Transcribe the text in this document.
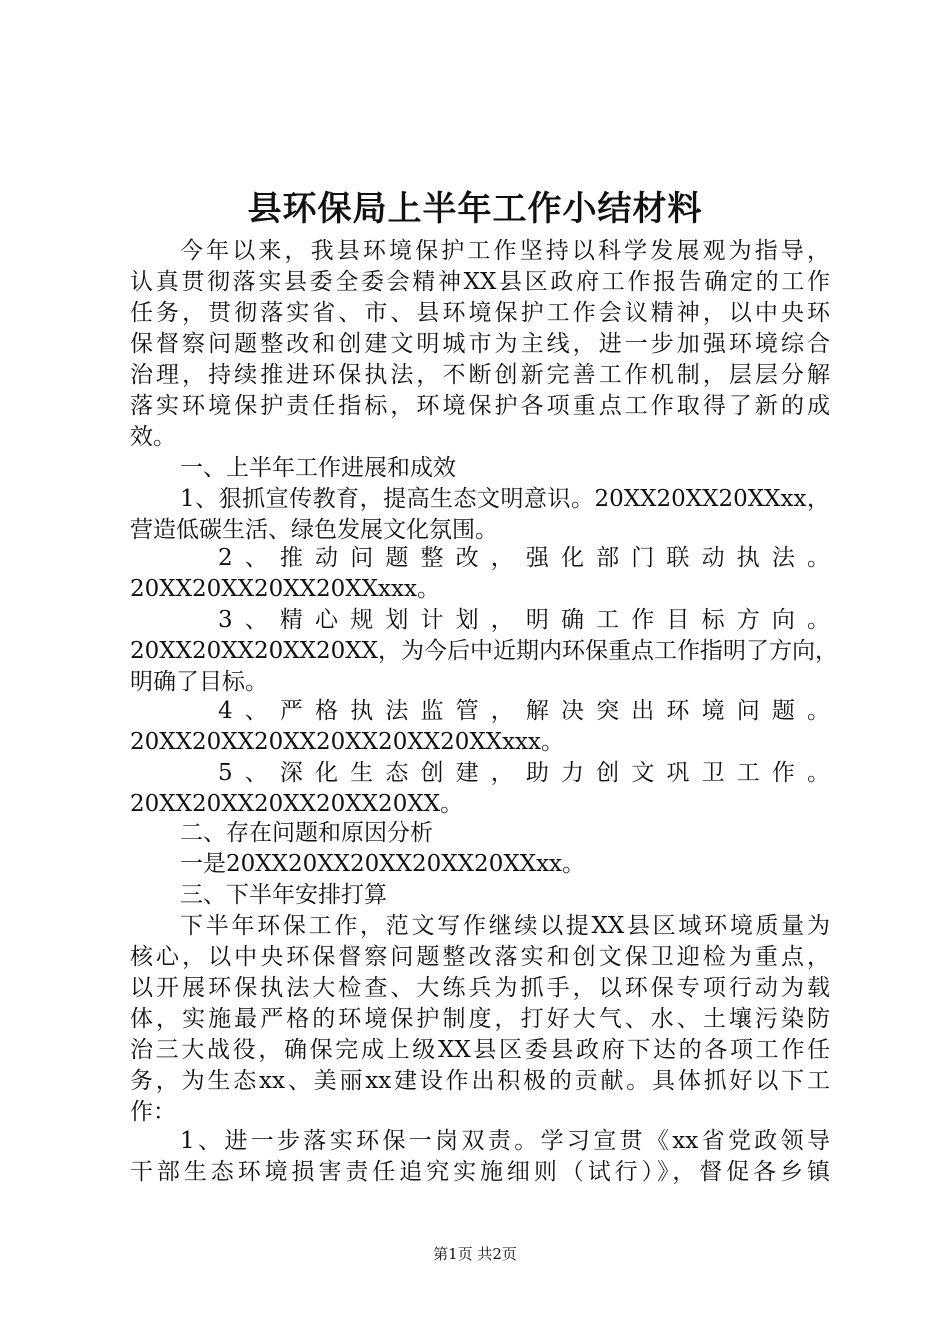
县环保局上半年工作小结材料
今年以来，我县环境保护工作坚持以科学发展观为指导，
认真贯彻落实县委全委会精神XX县区政府工作报告确定的工作
任务，贯彻落实省、市、县环境保护工作会议精神，以中央环
保督察问题整改和创建文明城市为主线，进一步加强环境综合
治理，持续推进环保执法，不断创新完善工作机制，层层分解
落实环境保护责任指标，环境保护各项重点工作取得了新的成
效。
一、上半年工作进展和成效
1、狠抓宣传教育，提高生态文明意识。20XX20XX20XXxx，
营造低碳生活、绿色发展文化氛围。
2、推动问题整改，强化部门联动执法。
20XX20XX20XX20XXxxx。
3、精心规划计划，明确工作目标方向。
20XX20XX20XX20XX，为今后中近期内环保重点工作指明了方向，
明确了目标。
4、严格执法监管，解决突出环境问题。
20XX20XX20XX20XX20XX20XXxxx。
5、深化生态创建，助力创文巩卫工作。
20XX20XX20XX20XX20XX。
二、存在问题和原因分析
一是20XX20XX20XX20XX20XXxx。
三、下半年安排打算
下半年环保工作，范文写作继续以提XX县区域环境质量为
核心，以中央环保督察问题整改落实和创文保卫迎检为重点，
以开展环保执法大检查、大练兵为抓手，以环保专项行动为载
体，实施最严格的环境保护制度，打好大气、水、土壤污染防
治三大战役，确保完成上级XX县区委县政府下达的各项工作任
务，为生态xx、美丽xx建设作出积极的贡献。具体抓好以下工
作：
1、进一步落实环保一岗双责。学习宣贯《xx省党政领导
干部生态环境损害责任追究实施细则（试行）》，督促各乡镇
第1页 共2页
